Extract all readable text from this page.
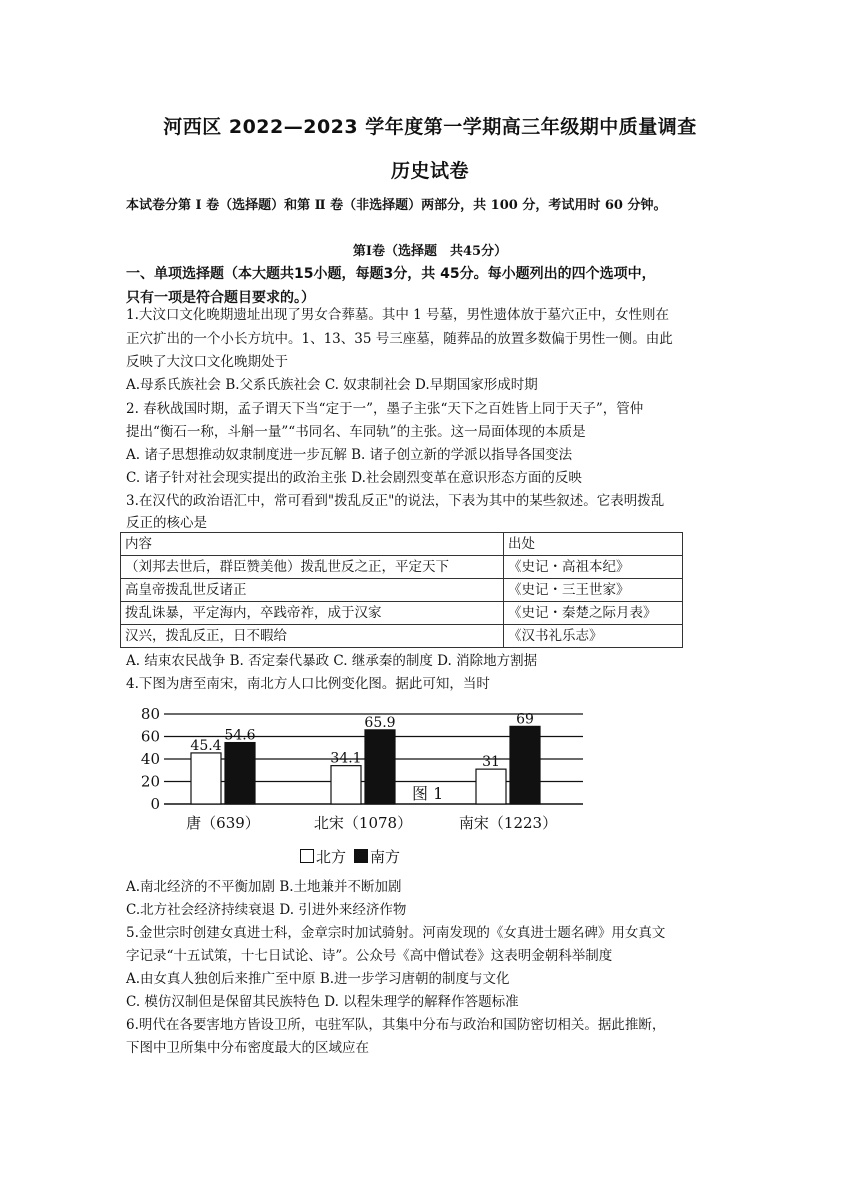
河西区 2022—2023 学年度第一学期高三年级期中质量调查
历史试卷
本试卷分第 Ⅰ 卷（选择题）和第 Ⅱ 卷（非选择题）两部分，共 100 分，考试用时 60 分钟。
第Ⅰ卷（选择题　共45分）
一、单项选择题（本大题共15小题，每题3分，共 45分。每小题列出的四个选项中，
只有一项是符合题目要求的。）
1.大汶口文化晚期遗址出现了男女合葬墓。其中 1 号墓，男性遗体放于墓穴正中，女性则在
正穴扩出的一个小长方坑中。1、13、35 号三座墓，随葬品的放置多数偏于男性一侧。由此
反映了大汶口文化晚期处于
A.母系氏族社会 B.父系氏族社会 C. 奴隶制社会 D.早期国家形成时期
2. 春秋战国时期，孟子谓天下当“定于一”，墨子主张“天下之百姓皆上同于天子”，管仲
提出“衡石一称，斗斛一量”“书同名、车同轨”的主张。这一局面体现的本质是
A. 诸子思想推动奴隶制度进一步瓦解 B. 诸子创立新的学派以指导各国变法
C. 诸子针对社会现实提出的政治主张 D.社会剧烈变革在意识形态方面的反映
3.在汉代的政治语汇中，常可看到"拨乱反正"的说法，下表为其中的某些叙述。它表明拨乱
反正的核心是
内容	出处
（刘邦去世后，群臣赞美他）拨乱世反之正，平定天下	《史记・高祖本纪》
高皇帝拨乱世反诸正	《史记・三王世家》
拨乱诛暴，平定海内，卒践帝祚，成于汉家	《史记・秦楚之际月表》
汉兴，拨乱反正，日不暇给	《汉书礼乐志》
A. 结束农民战争 B. 否定秦代暴政 C. 继承秦的制度 D. 消除地方割据
4.下图为唐至南宋，南北方人口比例变化图。据此可知，当时
0
20
40
60
80
45.4
54.6
唐（639）
34.1
65.9
北宋（1078）
31
69
南宋（1223）
图 1
北方 南方
A.南北经济的不平衡加剧 B.土地兼并不断加剧
C.北方社会经济持续衰退 D. 引进外来经济作物
5.金世宗时创建女真进士科，金章宗时加试骑射。河南发现的《女真进士题名碑》用女真文
字记录“十五试策，十七日试论、诗”。公众号《高中僧试卷》这表明金朝科举制度
A.由女真人独创后来推广至中原 B.进一步学习唐朝的制度与文化
C. 模仿汉制但是保留其民族特色 D. 以程朱理学的解释作答题标准
6.明代在各要害地方皆设卫所，屯驻军队，其集中分布与政治和国防密切相关。据此推断，
下图中卫所集中分布密度最大的区域应在
